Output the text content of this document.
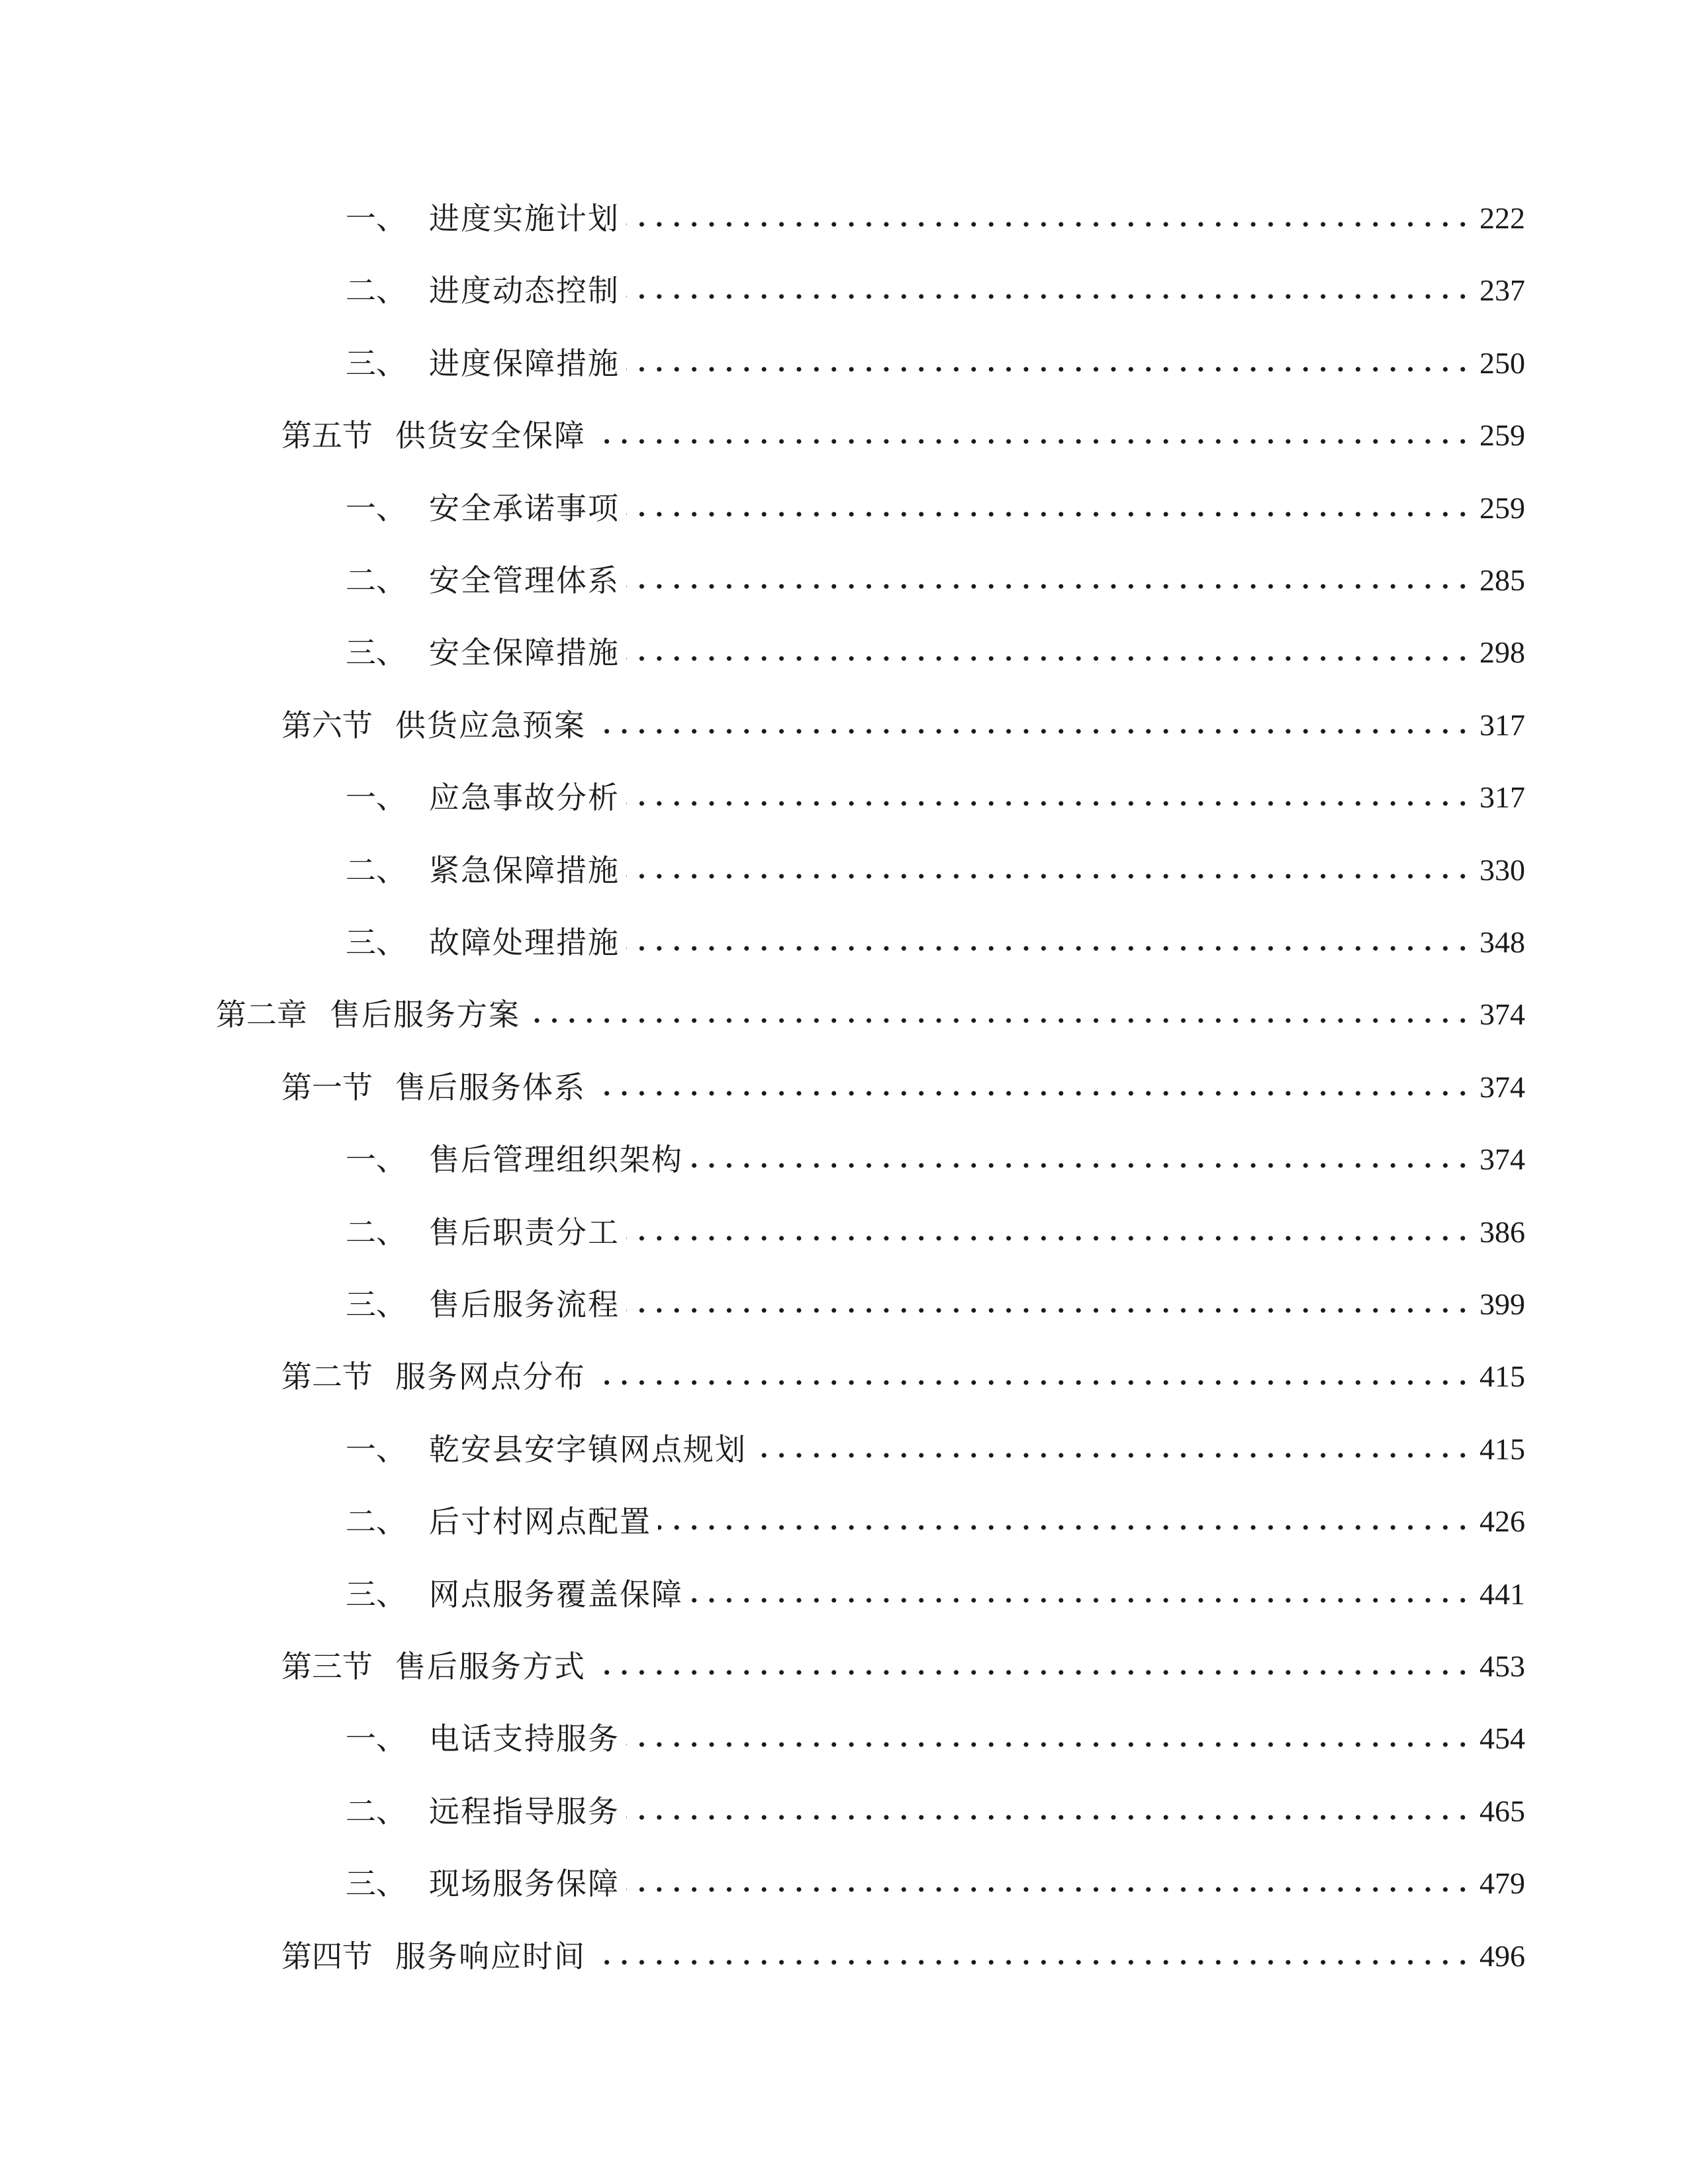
一、 进度实施计划	222
二、 进度动态控制	237
三、 进度保障措施	250
第五节 供货安全保障	259
一、 安全承诺事项	259
二、 安全管理体系	285
三、 安全保障措施	298
第六节 供货应急预案	317
一、 应急事故分析	317
二、 紧急保障措施	330
三、 故障处理措施	348
第二章 售后服务方案	374
第一节 售后服务体系	374
一、 售后管理组织架构	374
二、 售后职责分工	386
三、 售后服务流程	399
第二节 服务网点分布	415
一、 乾安县安字镇网点规划	415
二、 后寸村网点配置	426
三、 网点服务覆盖保障	441
第三节 售后服务方式	453
一、 电话支持服务	454
二、 远程指导服务	465
三、 现场服务保障	479
第四节 服务响应时间	496
